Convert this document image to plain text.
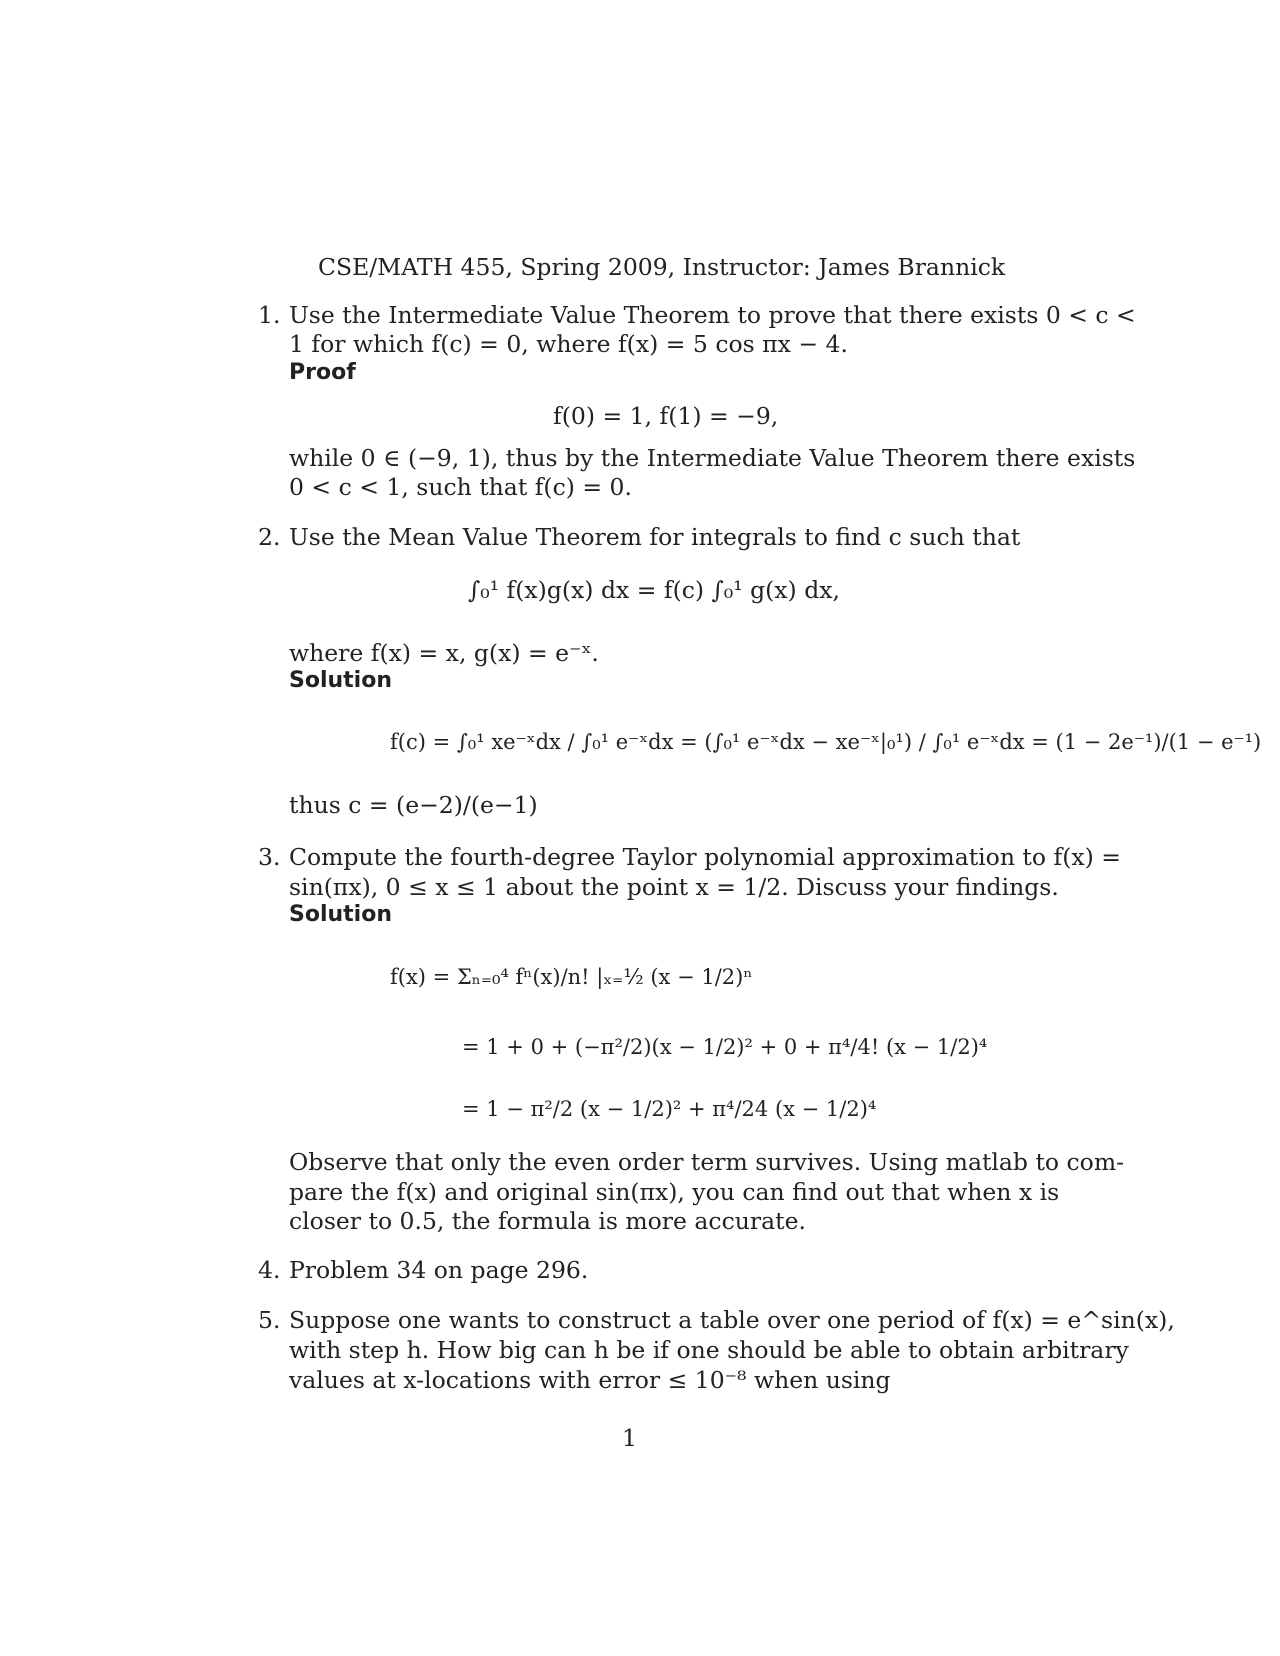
CSE/MATH 455, Spring 2009, Instructor: James Brannick
1. Use the Intermediate Value Theorem to prove that there exists 0 < c <
1 for which f(c) = 0, where f(x) = 5 cos πx − 4.
Proof
f(0) = 1, f(1) = −9,
while 0 ∈ (−9, 1), thus by the Intermediate Value Theorem there exists
0 < c < 1, such that f(c) = 0.
2. Use the Mean Value Theorem for integrals to find c such that
∫₀¹ f(x)g(x) dx = f(c) ∫₀¹ g(x) dx,
where f(x) = x, g(x) = e⁻ˣ.
Solution
f(c) = ∫₀¹ xe⁻ˣdx / ∫₀¹ e⁻ˣdx = (∫₀¹ e⁻ˣdx − xe⁻ˣ|₀¹) / ∫₀¹ e⁻ˣdx = (1 − 2e⁻¹)/(1 − e⁻¹)
thus c = (e−2)/(e−1)
3. Compute the fourth-degree Taylor polynomial approximation to f(x) =
sin(πx), 0 ≤ x ≤ 1 about the point x = 1/2. Discuss your findings.
Solution
f(x) = Σₙ₌₀⁴ fⁿ(x)/n! |ₓ₌½ (x − 1/2)ⁿ
= 1 + 0 + (−π²/2)(x − 1/2)² + 0 + π⁴/4! (x − 1/2)⁴
= 1 − π²/2 (x − 1/2)² + π⁴/24 (x − 1/2)⁴
Observe that only the even order term survives. Using matlab to com-
pare the f(x) and original sin(πx), you can find out that when x is
closer to 0.5, the formula is more accurate.
4. Problem 34 on page 296.
5. Suppose one wants to construct a table over one period of f(x) = e^sin(x),
with step h. How big can h be if one should be able to obtain arbitrary
values at x-locations with error ≤ 10⁻⁸ when using
1
